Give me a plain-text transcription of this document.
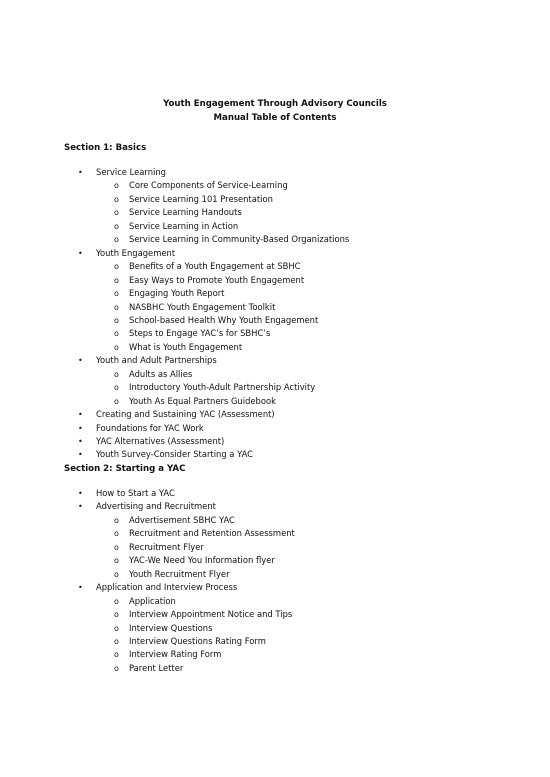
Youth Engagement Through Advisory Councils
Manual Table of Contents
Section 1: Basics
• Service Learning
o Core Components of Service-Learning
o Service Learning 101 Presentation
o Service Learning Handouts
o Service Learning in Action
o Service Learning in Community-Based Organizations
• Youth Engagement
o Benefits of a Youth Engagement at SBHC
o Easy Ways to Promote Youth Engagement
o Engaging Youth Report
o NASBHC Youth Engagement Toolkit
o School-based Health Why Youth Engagement
o Steps to Engage YAC’s for SBHC’s
o What is Youth Engagement
• Youth and Adult Partnerships
o Adults as Allies
o Introductory Youth-Adult Partnership Activity
o Youth As Equal Partners Guidebook
• Creating and Sustaining YAC (Assessment)
• Foundations for YAC Work
• YAC Alternatives (Assessment)
• Youth Survey-Consider Starting a YAC
Section 2: Starting a YAC
• How to Start a YAC
• Advertising and Recruitment
o Advertisement SBHC YAC
o Recruitment and Retention Assessment
o Recruitment Flyer
o YAC-We Need You Information flyer
o Youth Recruitment Flyer
• Application and Interview Process
o Application
o Interview Appointment Notice and Tips
o Interview Questions
o Interview Questions Rating Form
o Interview Rating Form
o Parent Letter
